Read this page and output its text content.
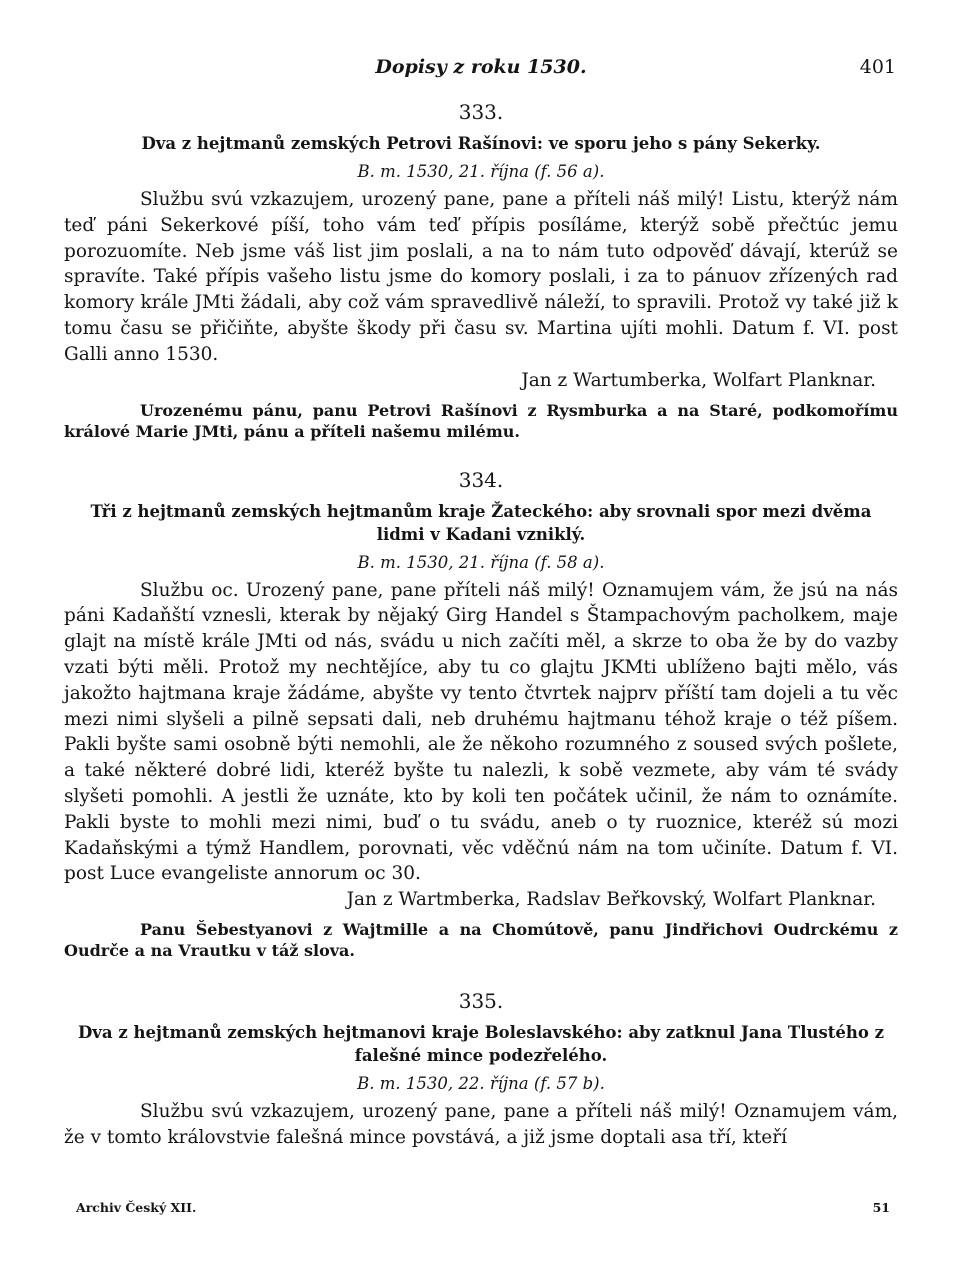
Dopisy z roku 1530.	401
333.
Dva z hejtmanů zemských Petrovi Rašínovi: ve sporu jeho s pány Sekerky.
B. m. 1530, 21. října (f. 56 a).

Službu svú vzkazujem, urozený pane, pane a příteli náš milý! Listu, kterýž nám teď páni Sekerkové píší, toho vám teď přípis posíláme, kterýž sobě přečtúc jemu porozuomíte. Neb jsme váš list jim poslali, a na to nám tuto odpověď dávají, kterúž se spravíte. Také přípis vašeho listu jsme do komory poslali, i za to pánuov zřízených rad komory krále JMti žádali, aby což vám spravedlivě náleží, to spravili. Protož vy také již k tomu času se přičiňte, abyšte škody při času sv. Martina ujíti mohli. Datum f. VI. post Galli anno 1530.

Jan z Wartumberka, Wolfart Planknar.

Urozenému pánu, panu Petrovi Rašínovi z Rysmburka a na Staré, podkomořímu králové Marie JMti, pánu a příteli našemu milému.

334.
Tři z hejtmanů zemských hejtmanům kraje Žateckého: aby srovnali spor mezi dvěma lidmi v Kadani vzniklý.
B. m. 1530, 21. října (f. 58 a).

Službu oc. Urozený pane, pane příteli náš milý! Oznamujem vám, že jsú na nás páni Kadaňští vznesli, kterak by nějaký Girg Handel s Štampachovým pacholkem, maje glajt na místě krále JMti od nás, svádu u nich začíti měl, a skrze to oba že by do vazby vzati býti měli. Protož my nechtějíce, aby tu co glajtu JKMti ublíženo bajti mělo, vás jakožto hajtmana kraje žádáme, abyšte vy tento čtvrtek najprv příští tam dojeli a tu věc mezi nimi slyšeli a pilně sepsati dali, neb druhému hajtmanu téhož kraje o též píšem. Pakli byšte sami osobně býti nemohli, ale že někoho rozumného z soused svých pošlete, a také některé dobré lidi, kteréž byšte tu nalezli, k sobě vezmete, aby vám té svády slyšeti pomohli. A jestli že uznáte, kto by koli ten počátek učinil, že nám to oznámíte. Pakli byste to mohli mezi nimi, buď o tu svádu, aneb o ty ruoznice, kteréž sú mozi Kadaňskými a týmž Handlem, porovnati, věc vděčnú nám na tom učiníte. Datum f. VI. post Luce evangeliste annorum oc 30.

Jan z Wartmberka, Radslav Beřkovský, Wolfart Planknar.

Panu Šebestyanovi z Wajtmille a na Chomútově, panu Jindřichovi Oudrckému z Oudrče a na Vrautku v táž slova.

335.
Dva z hejtmanů zemských hejtmanovi kraje Boleslavského: aby zatknul Jana Tlustého z falešné mince podezřelého.
B. m. 1530, 22. října (f. 57 b).

Službu svú vzkazujem, urozený pane, pane a příteli náš milý! Oznamujem vám, že v tomto královstvie falešná mince povstává, a již jsme doptali asa tří, kteří

Archiv Český XII.	51
